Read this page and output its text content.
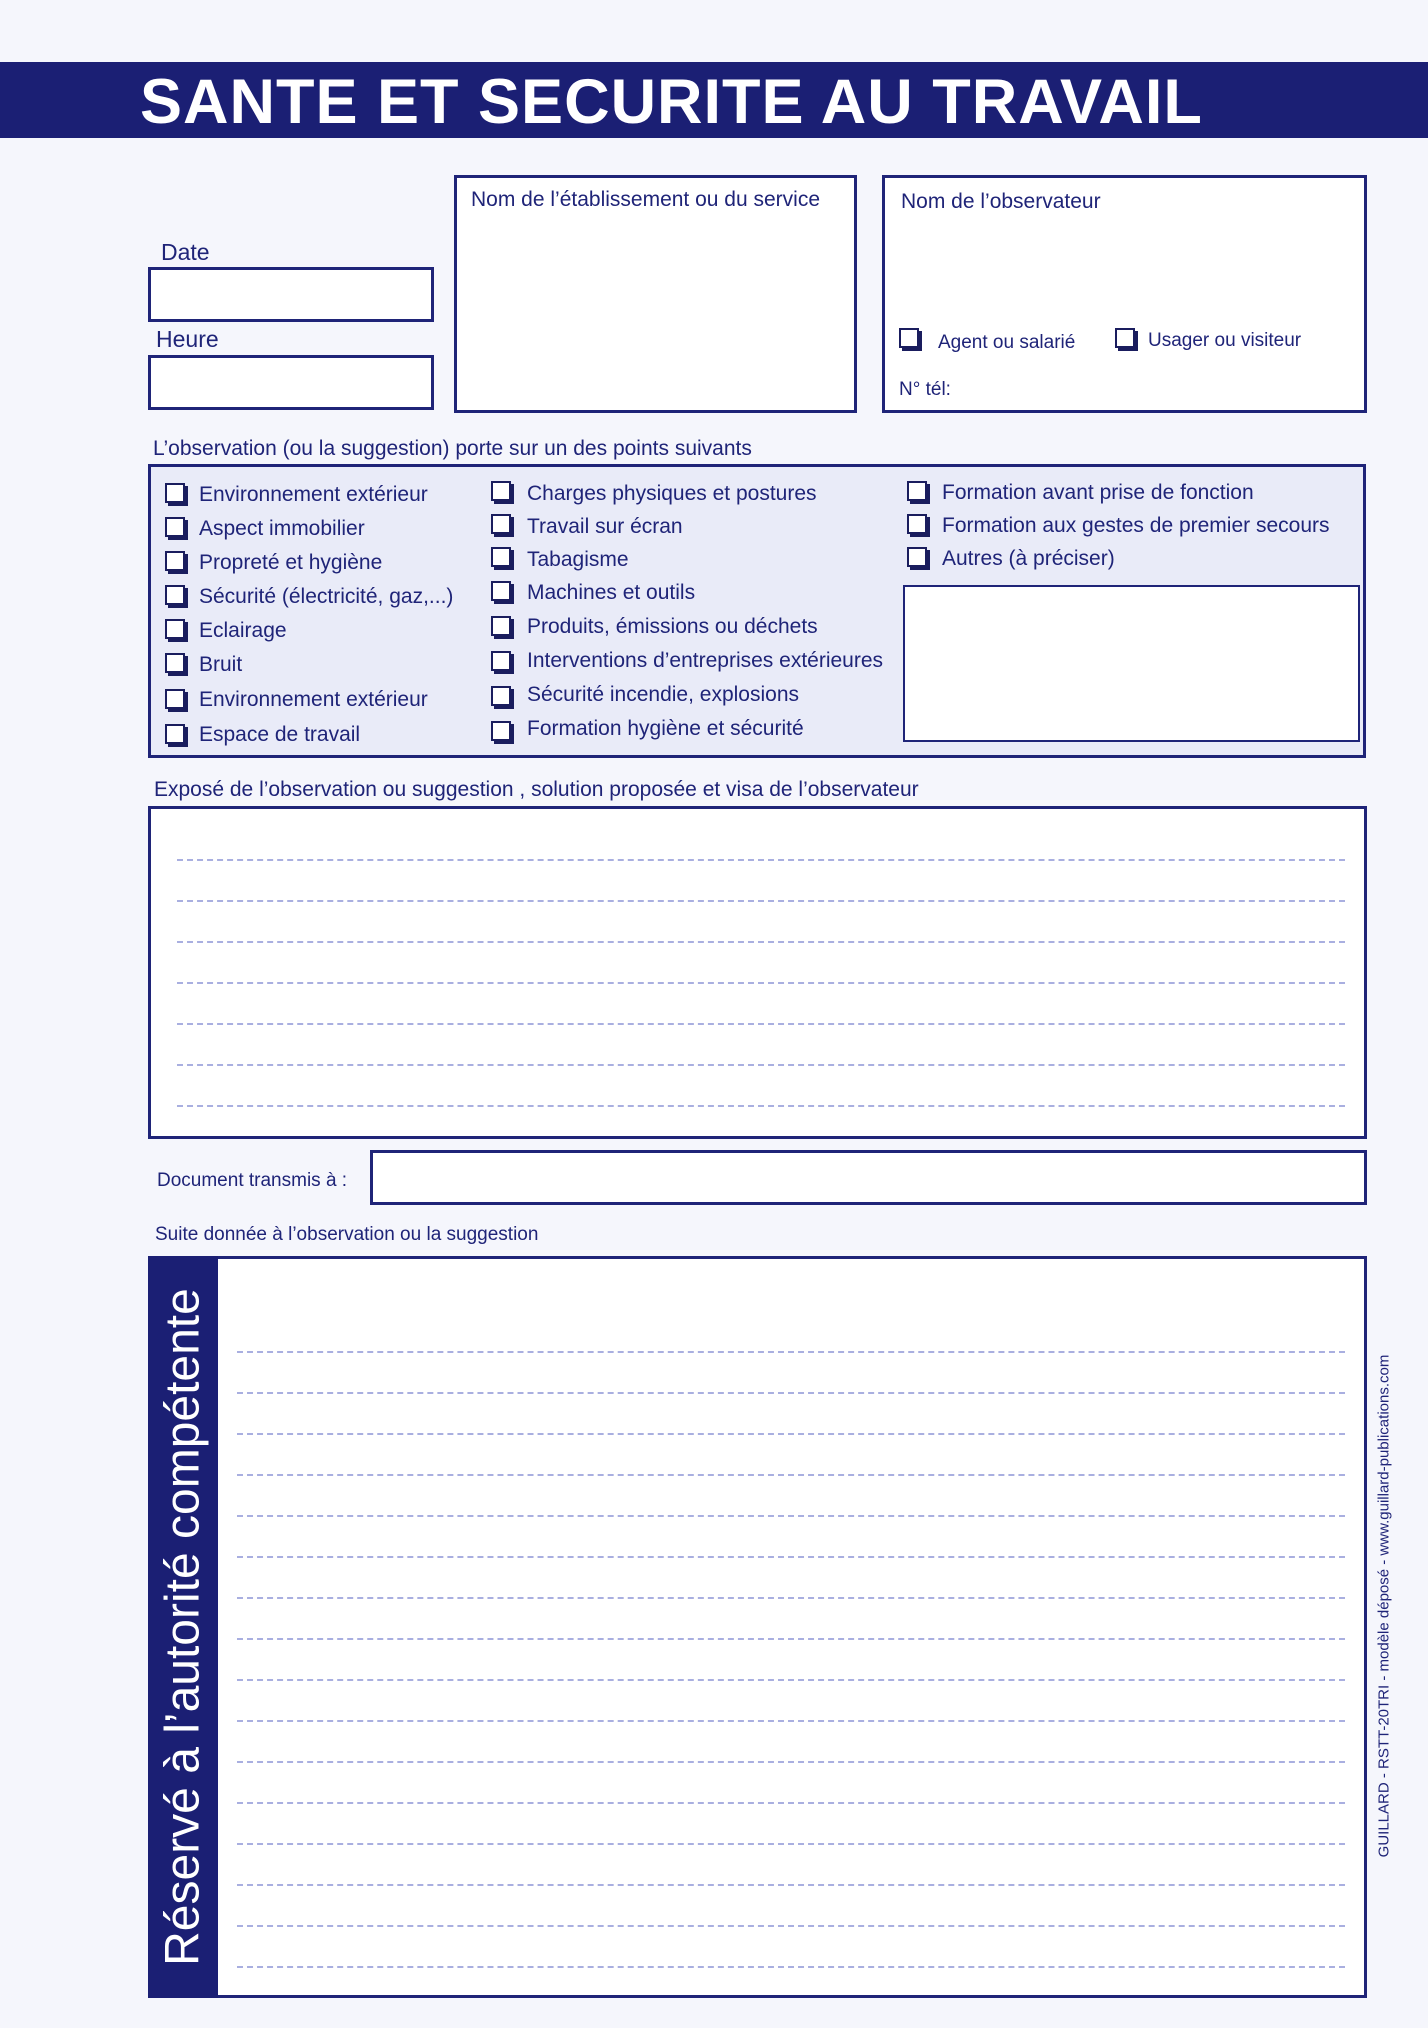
SANTE ET SECURITE AU TRAVAIL
Date
Heure
Nom de l’établissement ou du service	Nom de l’observateur
Agent ou salarié	Usager ou visiteur
N° tél:
L’observation (ou la suggestion) porte sur un des points suivants
Environnement extérieur
Aspect immobilier
Propreté et hygiène
Sécurité (électricité, gaz,...)
Eclairage
Bruit
Environnement extérieur
Espace de travail
Charges physiques et postures
Travail sur écran
Tabagisme
Machines et outils
Produits, émissions ou déchets
Interventions d’entreprises extérieures
Sécurité incendie, explosions
Formation hygiène et sécurité
Formation avant prise de fonction
Formation aux gestes de premier secours
Autres (à préciser)
Exposé de l’observation ou suggestion , solution proposée et visa de l’observateur
Document transmis à :
Suite donnée à l’observation ou la suggestion
Réservé à l’autorité compétente	GUILLARD - RSTT-20TRI - modèle déposé - www.guillard-publications.com
